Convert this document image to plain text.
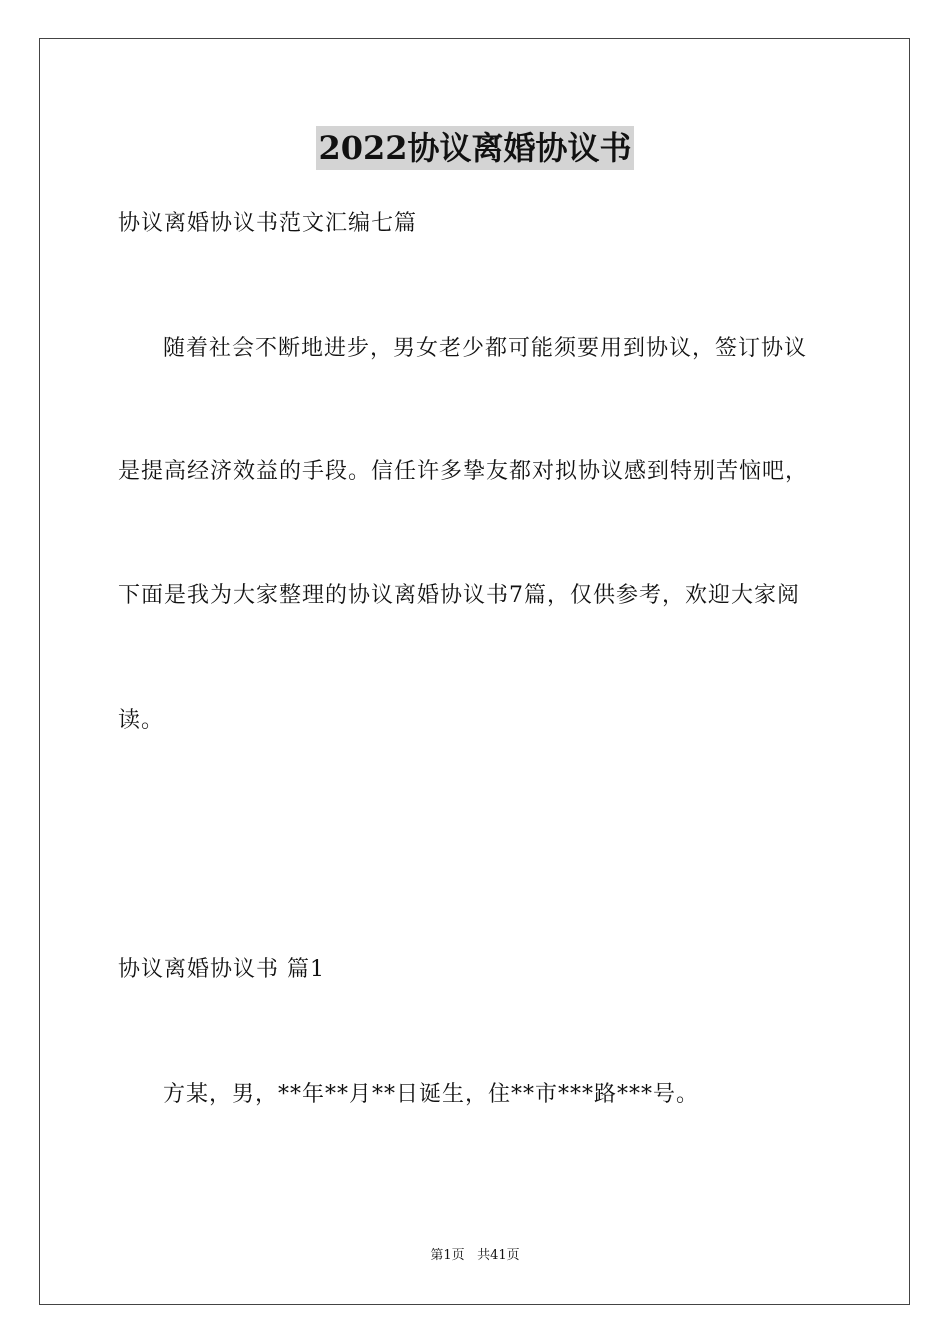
2022协议离婚协议书
协议离婚协议书范文汇编七篇
随着社会不断地进步，男女老少都可能须要用到协议，签订协议
是提高经济效益的手段。信任许多挚友都对拟协议感到特别苦恼吧，
下面是我为大家整理的协议离婚协议书7篇，仅供参考，欢迎大家阅
读。
协议离婚协议书 篇1
方某，男，**年**月**日诞生，住**市***路***号。
第1页 共41页
